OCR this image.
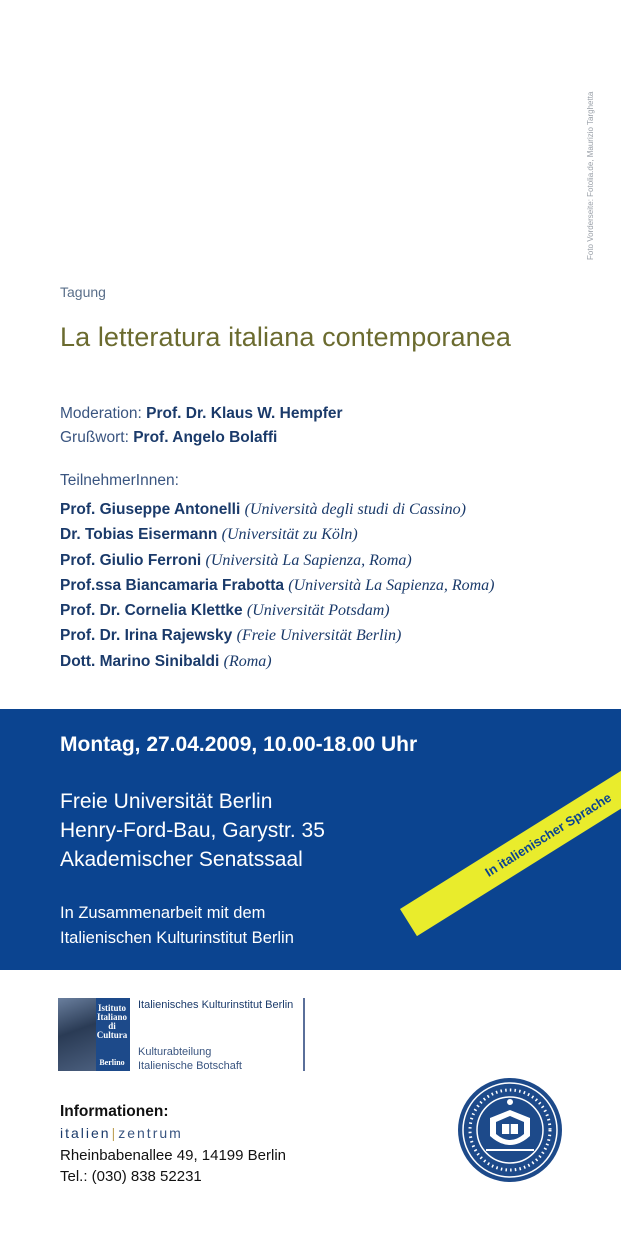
Foto Vorderseite: Fotolia.de, Maurizio Targhetta
Tagung
La letteratura italiana contemporanea
Moderation: Prof. Dr. Klaus W. Hempfer
Grußwort: Prof. Angelo Bolaffi
TeilnehmerInnen:
Prof. Giuseppe Antonelli (Università degli studi di Cassino)
Dr. Tobias Eisermann (Universität zu Köln)
Prof. Giulio Ferroni (Università La Sapienza, Roma)
Prof.ssa Biancamaria Frabotta (Università La Sapienza, Roma)
Prof. Dr. Cornelia Klettke (Universität Potsdam)
Prof. Dr. Irina Rajewsky (Freie Universität Berlin)
Dott. Marino Sinibaldi (Roma)
Montag, 27.04.2009, 10.00-18.00 Uhr
Freie Universität Berlin
Henry-Ford-Bau, Garystr. 35
Akademischer Senatssaal
In Zusammenarbeit mit dem
Italienischen Kulturinstitut Berlin
In italienischer Sprache
Istituto
Italiano
di
Cultura
Berlino
Italienisches Kulturinstitut Berlin
Kulturabteilung
Italienische Botschaft
Informationen:
italien|zentrum
Rheinbabenallee 49, 14199 Berlin
Tel.: (030) 838 52231
